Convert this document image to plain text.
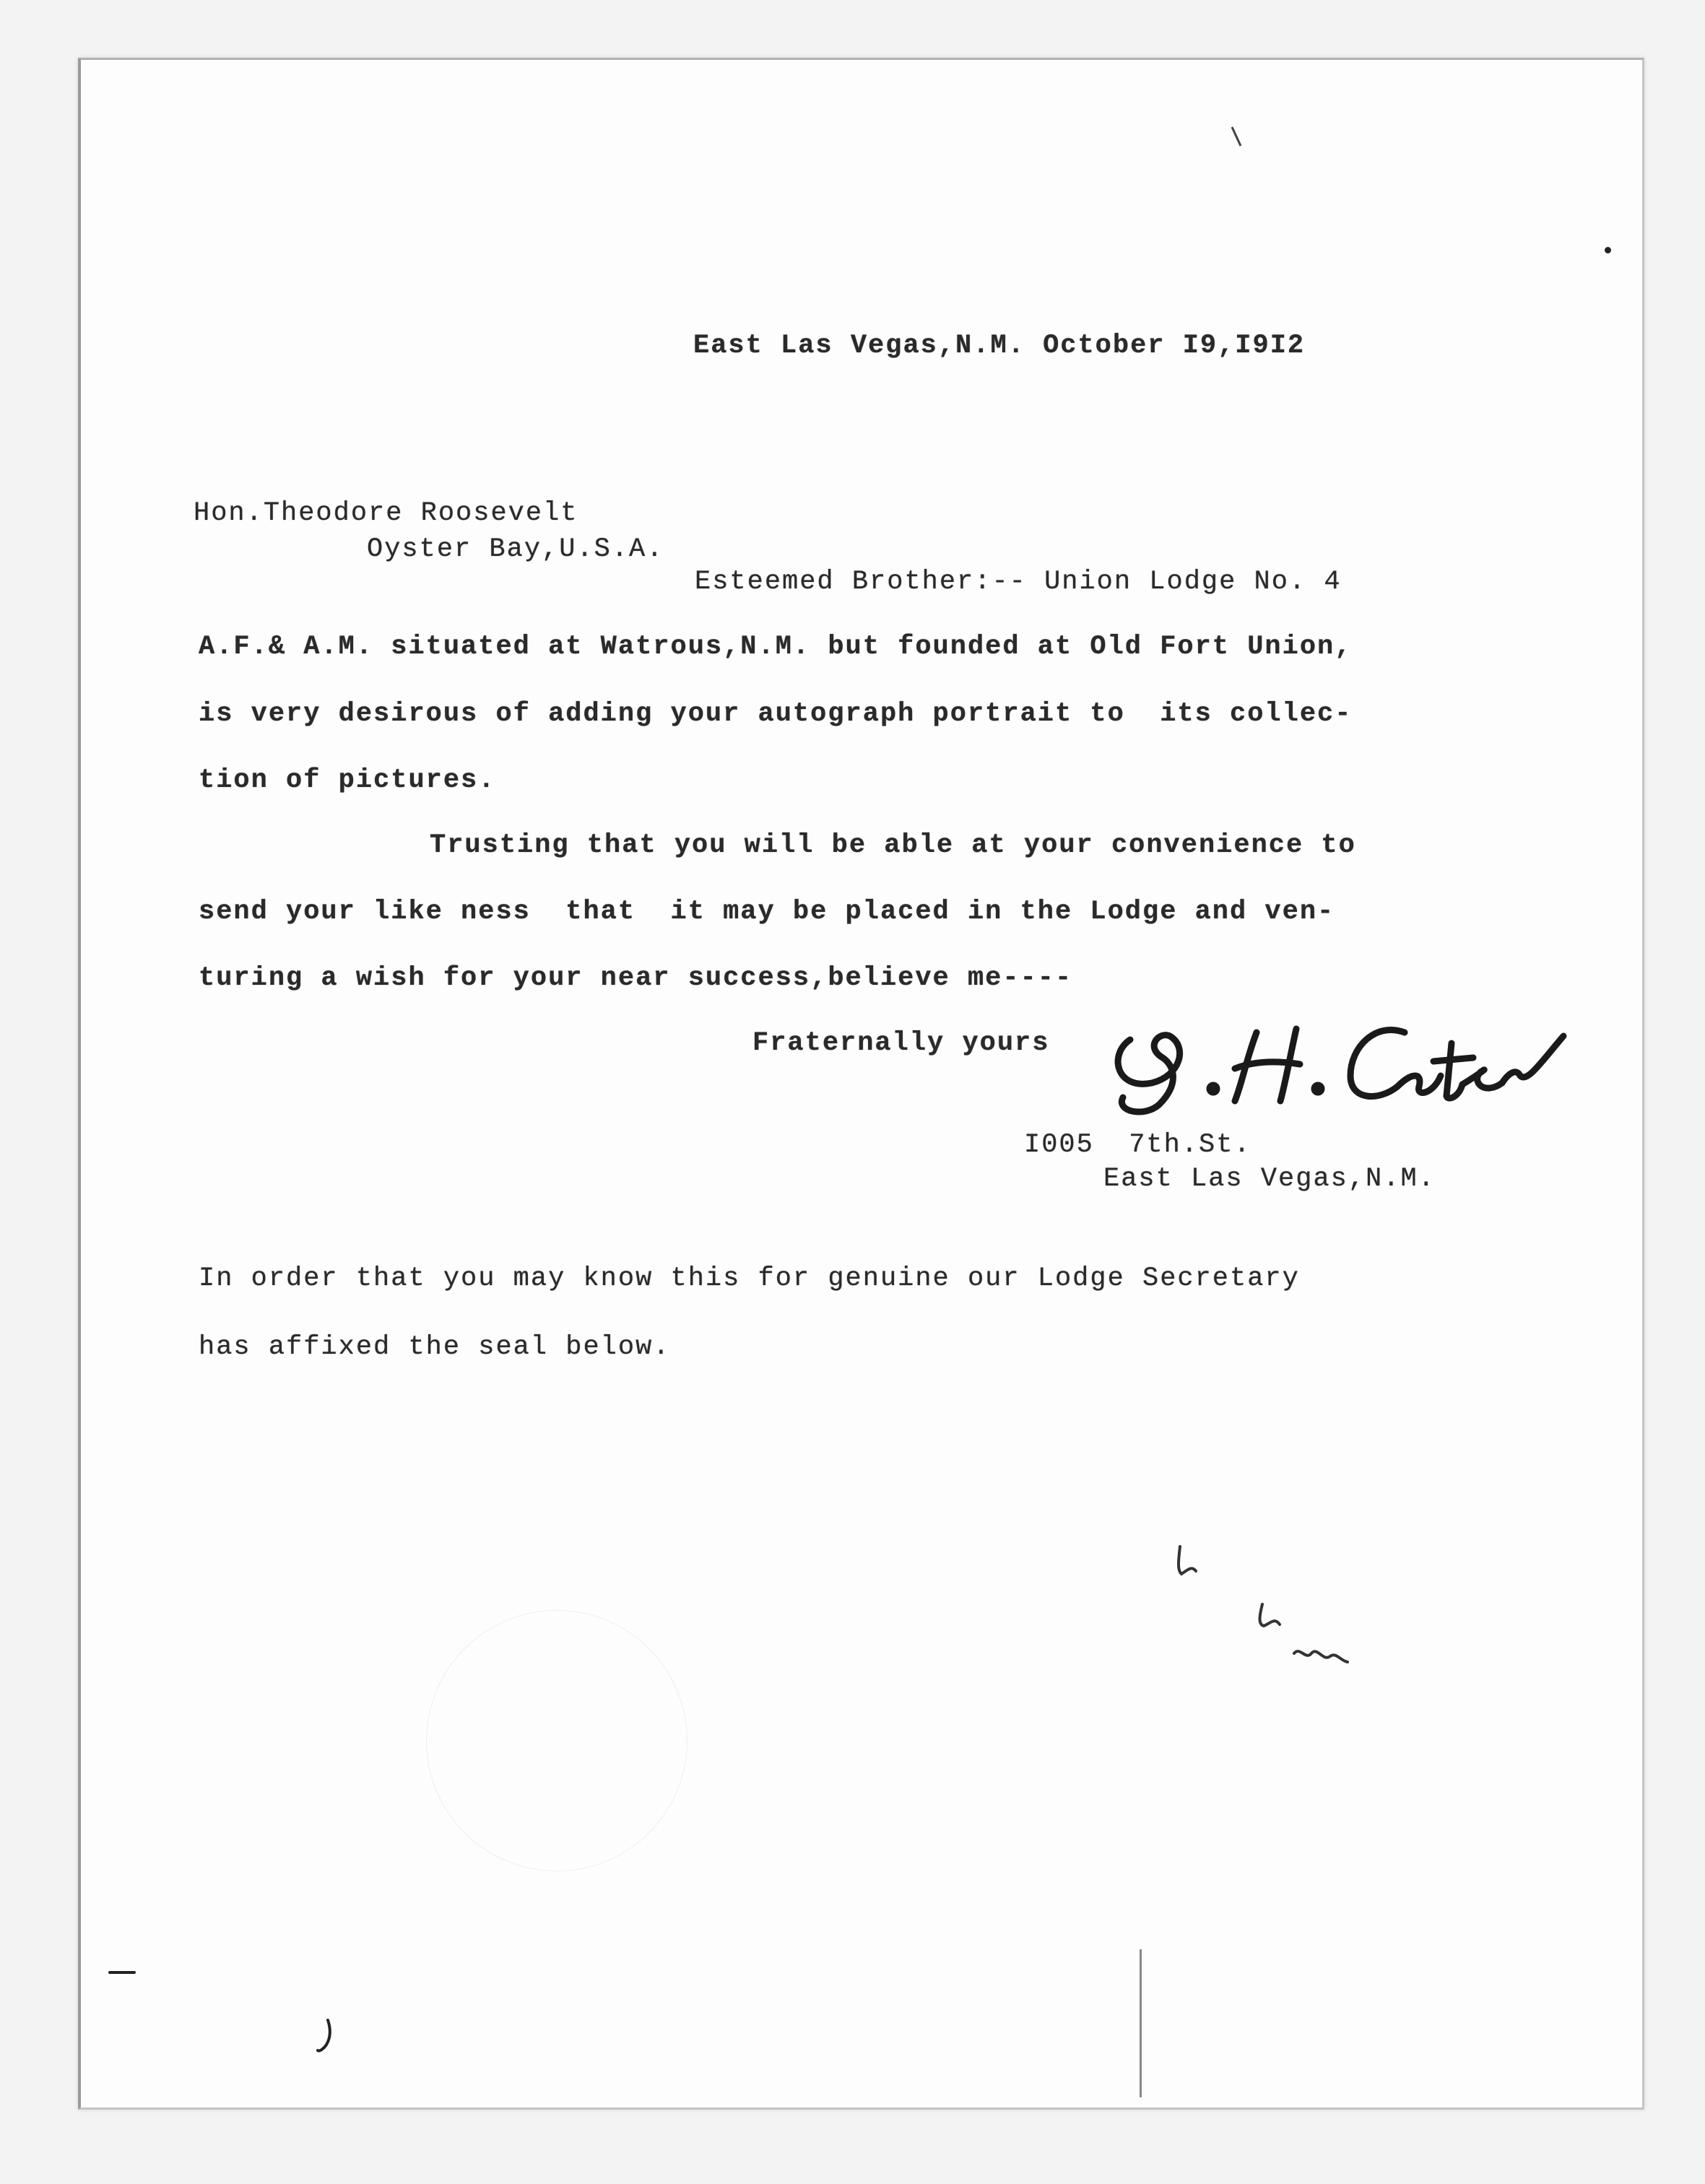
East Las Vegas,N.M. October I9,I9I2
Hon.Theodore Roosevelt
Oyster Bay,U.S.A.
Esteemed Brother:-- Union Lodge No. 4
A.F.& A.M. situated at Watrous,N.M. but founded at Old Fort Union,
is very desirous of adding your autograph portrait to  its collec-
tion of pictures.
Trusting that you will be able at your convenience to
send your like ness  that  it may be placed in the Lodge and ven-
turing a wish for your near success,believe me----
Fraternally yours
I005  7th.St.
East Las Vegas,N.M.
In order that you may know this for genuine our Lodge Secretary
has affixed the seal below.
